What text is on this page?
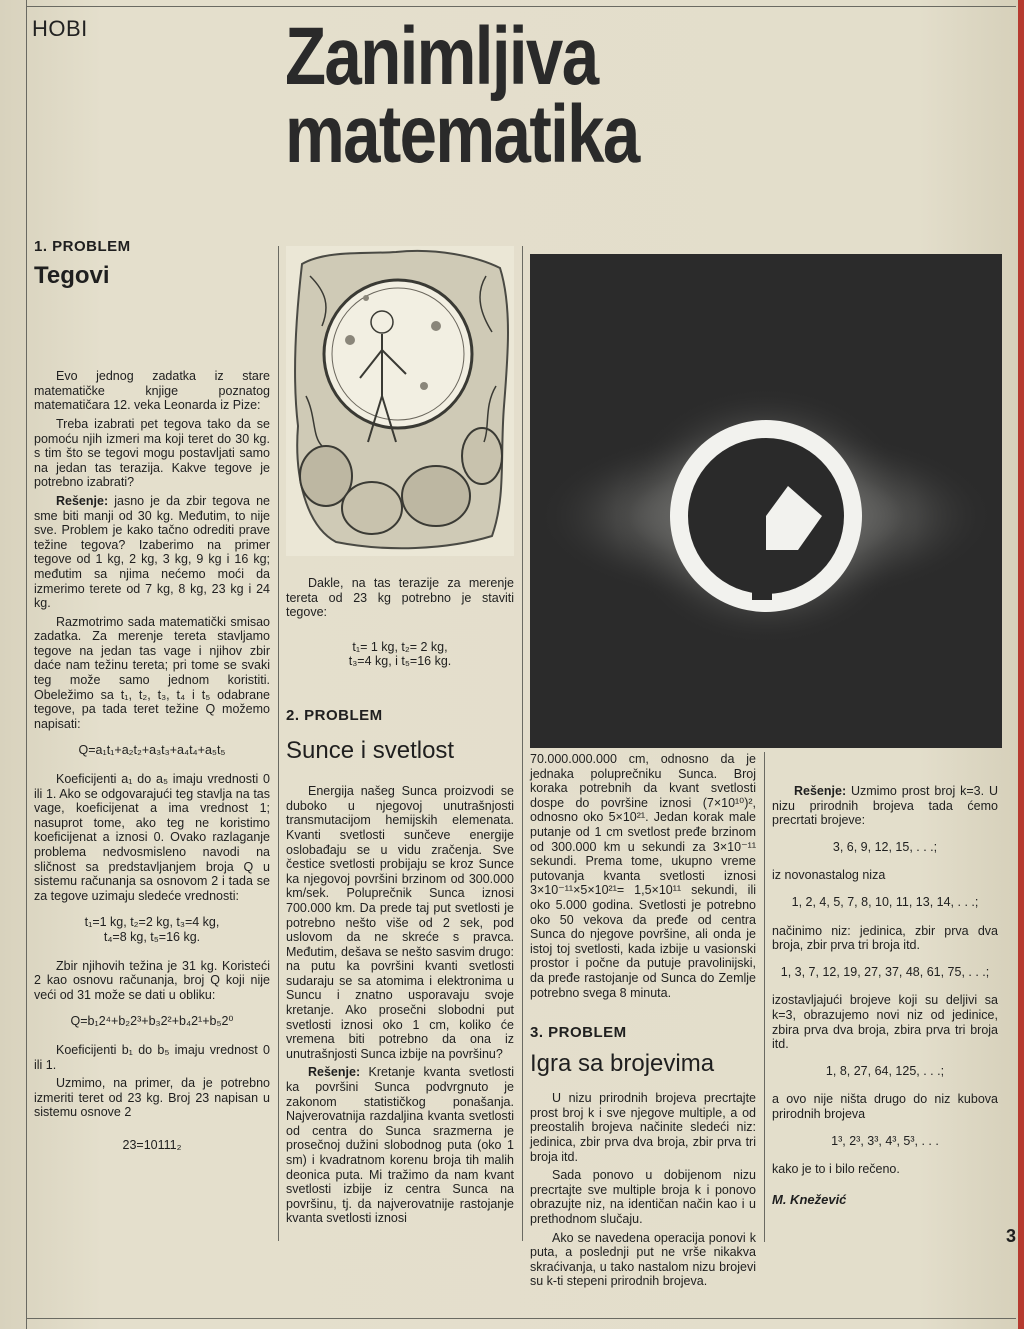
HOBI Zanimljiva
matematika
1. PROBLEM
Tegovi

Evo jednog zadatka iz stare matematičke knjige poznatog matematičara 12. veka Leonarda iz Pize:

Treba izabrati pet tegova tako da se pomoću njih izmeri ma koji teret do 30 kg. s tim što se tegovi mogu postavljati samo na jedan tas terazija. Kakve tegove je potrebno izabrati?

Rešenje: jasno je da zbir tegova ne sme biti manji od 30 kg. Međutim, to nije sve. Problem je kako tačno odrediti prave težine tegova? Izaberimo na primer tegove od 1 kg, 2 kg, 3 kg, 9 kg i 16 kg; međutim sa njima nećemo moći da izmerimo terete od 7 kg, 8 kg, 23 kg i 24 kg.

Razmotrimo sada matematički smisao zadatka. Za merenje tereta stavljamo tegove na jedan tas vage i njihov zbir daće nam težinu tereta; pri tome se svaki teg može samo jednom koristiti. Obeležimo sa t₁, t₂, t₃, t₄ i t₅ odabrane tegove, pa tada teret težine Q možemo napisati:

Q=a₁t₁+a₂t₂+a₃t₃+a₄t₄+a₅t₅

Koeficijenti a₁ do a₅ imaju vrednosti 0 ili 1. Ako se odgovarajući teg stavlja na tas vage, koeficijenat a ima vrednost 1; nasuprot tome, ako teg ne koristimo koeficijenat a iznosi 0. Ovako razlaganje problema nedvosmisleno navodi na sličnost sa predstavljanjem broja Q u sistemu računanja sa osnovom 2 i tada se za tegove uzimaju sledeće vrednosti:

t₁=1 kg, t₂=2 kg, t₃=4 kg,

t₄=8 kg, t₅=16 kg.

Zbir njihovih težina je 31 kg. Koristeći 2 kao osnovu računanja, broj Q koji nije veći od 31 može se dati u obliku:

Q=b₁2⁴+b₂2³+b₃2²+b₄2¹+b₅2⁰

Koeficijenti b₁ do b₅ imaju vrednost 0 ili 1.

Uzmimo, na primer, da je potrebno izmeriti teret od 23 kg. Broj 23 napisan u sistemu osnove 2

23=10111₂

Dakle, na tas terazije za merenje tereta od 23 kg potrebno je staviti tegove:

t₁= 1 kg, t₂= 2 kg,

t₃=4 kg, i t₅=16 kg.

2. PROBLEM
Sunce i svetlost

Energija našeg Sunca proizvodi se duboko u njegovoj unutrašnjosti transmutacijom hemijskih elemenata. Kvanti svetlosti sunčeve energije oslobađaju se u vidu zračenja. Sve čestice svetlosti probijaju se kroz Sunce ka njegovoj površini brzinom od 300.000 km/sek. Poluprečnik Sunca iznosi 700.000 km. Da prede taj put svetlosti je potrebno nešto više od 2 sek, pod uslovom da ne skreće s pravca. Međutim, dešava se nešto sasvim drugo: na putu ka površini kvanti svetlosti sudaraju se sa atomima i elektronima u Suncu i znatno usporavaju svoje kretanje. Ako prosečni slobodni put svetlosti iznosi oko 1 cm, koliko će vremena biti potrebno da ona iz unutrašnjosti Sunca izbije na površinu?

Rešenje: Kretanje kvanta svetlosti ka površini Sunca podvrgnuto je zakonom statističkog ponašanja. Najverovatnija razdaljina kvanta svetlosti od centra do Sunca srazmerna je prosečnoj dužini slobodnog puta (oko 1 sm) i kvadratnom korenu broja tih malih deonica puta. Mi tražimo da nam kvant svetlosti izbije iz centra Sunca na površinu, tj. da najverovatnije rastojanje kvanta svetlosti iznosi

70.000.000.000 cm, odnosno da je jednaka poluprečniku Sunca. Broj koraka potrebnih da kvant svetlosti dospe do površine iznosi (7×10¹⁰)², odnosno oko 5×10²¹. Jedan korak male putanje od 1 cm svetlost pređe brzinom od 300.000 km u sekundi za 3×10⁻¹¹ sekundi. Prema tome, ukupno vreme putovanja kvanta svetlosti iznosi 3×10⁻¹¹×5×10²¹= 1,5×10¹¹ sekundi, ili oko 5.000 godina. Svetlosti je potrebno oko 50 vekova da pređe od centra Sunca do njegove površine, ali onda je istoj toj svetlosti, kada izbije u vasionski prostor i počne da putuje pravolinijski, da pređe rastojanje od Sunca do Zemlje potrebno svega 8 minuta.

3. PROBLEM
Igra sa brojevima

U nizu prirodnih brojeva precrtajte prost broj k i sve njegove multiple, a od preostalih brojeva načinite sledeći niz: jedinica, zbir prva dva broja, zbir prva tri broja itd.

Sada ponovo u dobijenom nizu precrtajte sve multiple broja k i ponovo obrazujte niz, na identičan način kao i u prethodnom slučaju.

Ako se navedena operacija ponovi k puta, a poslednji put ne vrše nikakva skraćivanja, u tako nastalom nizu brojevi su k-ti stepeni prirodnih brojeva.

Rešenje: Uzmimo prost broj k=3. U nizu prirodnih brojeva tada ćemo precrtati brojeve:

3, 6, 9, 12, 15, . . .;

iz novonastalog niza

1, 2, 4, 5, 7, 8, 10, 11, 13, 14, . . .;

načinimo niz: jedinica, zbir prva dva broja, zbir prva tri broja itd.

1, 3, 7, 12, 19, 27, 37, 48, 61, 75, . . .;

izostavljajući brojeve koji su deljivi sa k=3, obrazujemo novi niz od jedinice, zbira prva dva broja, zbira prva tri broja itd.

1, 8, 27, 64, 125, . . .;

a ovo nije ništa drugo do niz kubova prirodnih brojeva

1³, 2³, 3³, 4³, 5³, . . .

kako je to i bilo rečeno.

M. Knežević
3
